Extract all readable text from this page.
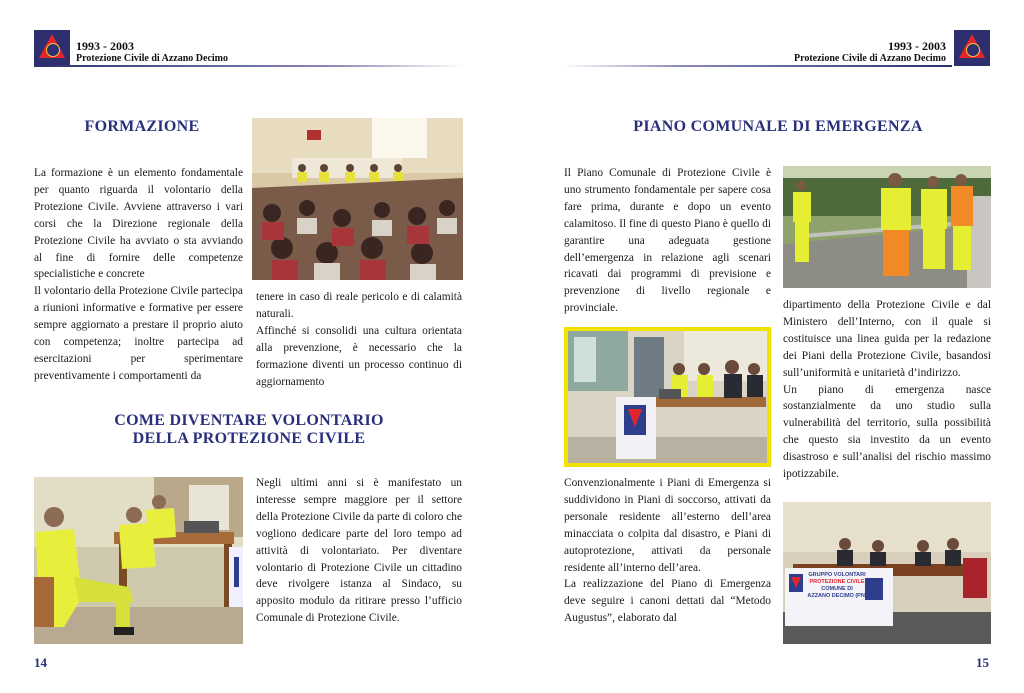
1993 - 2003
Protezione Civile di Azzano Decimo
FORMAZIONE

La formazione è un elemento fondamentale per quanto riguarda il volontario della Protezione Civile. Avviene attraverso i vari corsi che la Direzione regionale della Protezione Civile ha avviato o sta avviando al fine di fornire delle competenze specialistiche e concrete

Il volontario della Protezione Civile partecipa a riunioni informative e formative per essere sempre aggiornato a prestare il proprio aiuto con competenza; inoltre partecipa ad esercitazioni per sperimentare preventivamente i comportamenti da

tenere in caso di reale pericolo e di calamità naturali.

Affinché si consolidi una cultura orientata alla prevenzione, è necessario che la formazione diventi un processo continuo di aggiornamento

COME DIVENTARE VOLONTARIO
DELLA PROTEZIONE CIVILE

Negli ultimi anni si è manifestato un interesse sempre maggiore per il settore della Protezione Civile da parte di coloro che vogliono dedicare parte del loro tempo ad attività di volontariato. Per diventare volontario di Protezione Civile un cittadino deve rivolgere istanza al Sindaco, su apposito modulo da ritirare presso l’ufficio Comunale di Protezione Civile.

14
1993 - 2003
Protezione Civile di Azzano Decimo
PIANO COMUNALE DI EMERGENZA

Il Piano Comunale di Protezione Civile è uno strumento fondamentale per sapere cosa fare prima, durante e dopo un evento calamitoso. Il fine di questo Piano è quello di garantire una adeguata gestione dell’emergenza in relazione agli scenari ricavati dai programmi di previsione e prevenzione di livello regionale e provinciale.

Convenzionalmente i Piani di Emergenza si suddividono in Piani di soccorso, attivati da personale residente all’esterno dell’area minacciata o colpita dal disastro, e Piani di autoprotezione, attivati da personale residente all’interno dell’area.

La realizzazione del Piano di Emergenza deve seguire i canoni dettati dal “Metodo Augustus”, elaborato dal

dipartimento della Protezione Civile e dal Ministero dell’Interno, con il quale si costituisce una linea guida per la redazione dei Piani della Protezione Civile, basandosi sull’uniformità e unitarietà d’indirizzo.

Un piano di emergenza nasce sostanzialmente da uno studio sulla vulnerabilità del territorio, sulla possibilità che questo sia investito da un evento disastroso e sull’analisi del rischio massimo ipotizzabile.

GRUPPO VOLONTARI
PROTEZIONE CIVILE
COMUNE DI
AZZANO DECIMO (PN)
15
